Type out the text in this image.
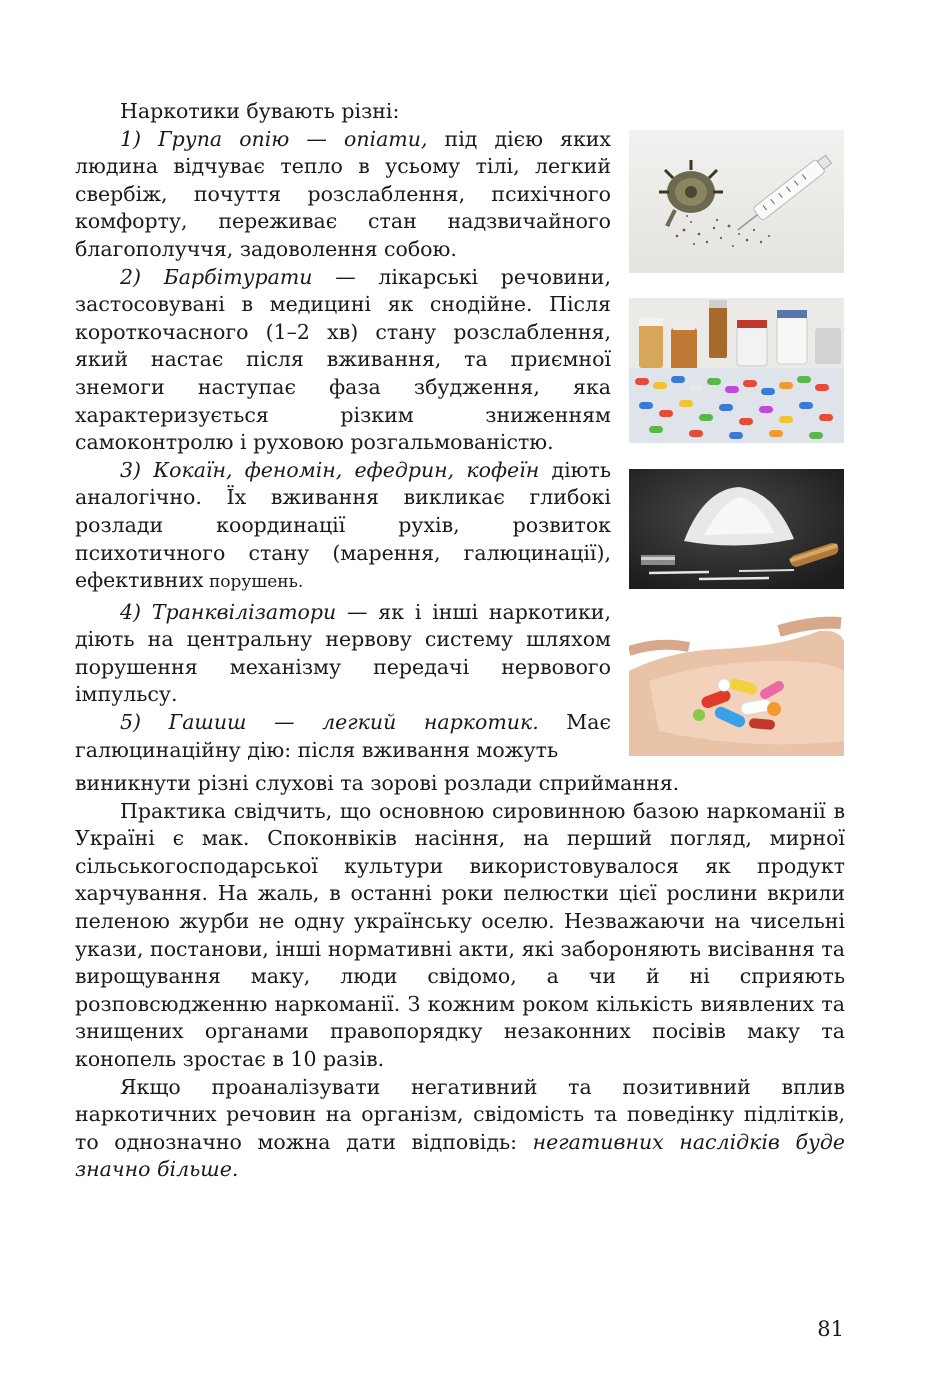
Наркотики бувають різні:

1) Група опію — опіати, під дією яких людина відчуває тепло в усьому тілі, легкий свербіж, почуття розслаблення, психічного комфорту, переживає стан надзвичайного благополуччя, задоволення собою.

2) Барбітурати — лікарські речовини, застосовувані в медицині як снодійне. Після короткочасного (1–2 хв) стану розслаблення, який настає після вживання, та приємної знемоги наступає фаза збудження, яка характеризується різким зниженням самоконтролю і руховою розгальмованістю.

3) Кокаїн, феномін, ефедрин, кофеїн діють аналогічно. Їх вживання викликає глибокі розлади координації рухів, розвиток психотичного стану (марення, галюцинації), ефективних порушень.

4) Транквілізатори — як і інші наркотики, діють на центральну нервову систему шляхом порушення механізму передачі нервового імпульсу.

5) Гашиш — легкий наркотик. Має галюцинаційну дію: після вживання можуть

виникнути різні слухові та зорові розлади сприймання.

Практика свідчить, що основною сировинною базою наркоманії в Україні є мак. Споконвіків насіння, на перший погляд, мирної сільськогосподарської культури використовувалося як продукт харчування. На жаль, в останні роки пелюстки цієї рослини вкрили пеленою журби не одну українську оселю. Незважаючи на чисельні укази, постанови, інші нормативні акти, які забороняють висівання та вирощування маку, люди свідомо, а чи й ні сприяють розповсюдженню наркоманії. З кожним роком кількість виявлених та знищених органами правопорядку незаконних посівів маку та конопель зростає в 10 разів.

Якщо проаналізувати негативний та позитивний вплив наркотичних речовин на організм, свідомість та поведінку підлітків, то однозначно можна дати відповідь: негативних наслідків буде значно більше.

81
